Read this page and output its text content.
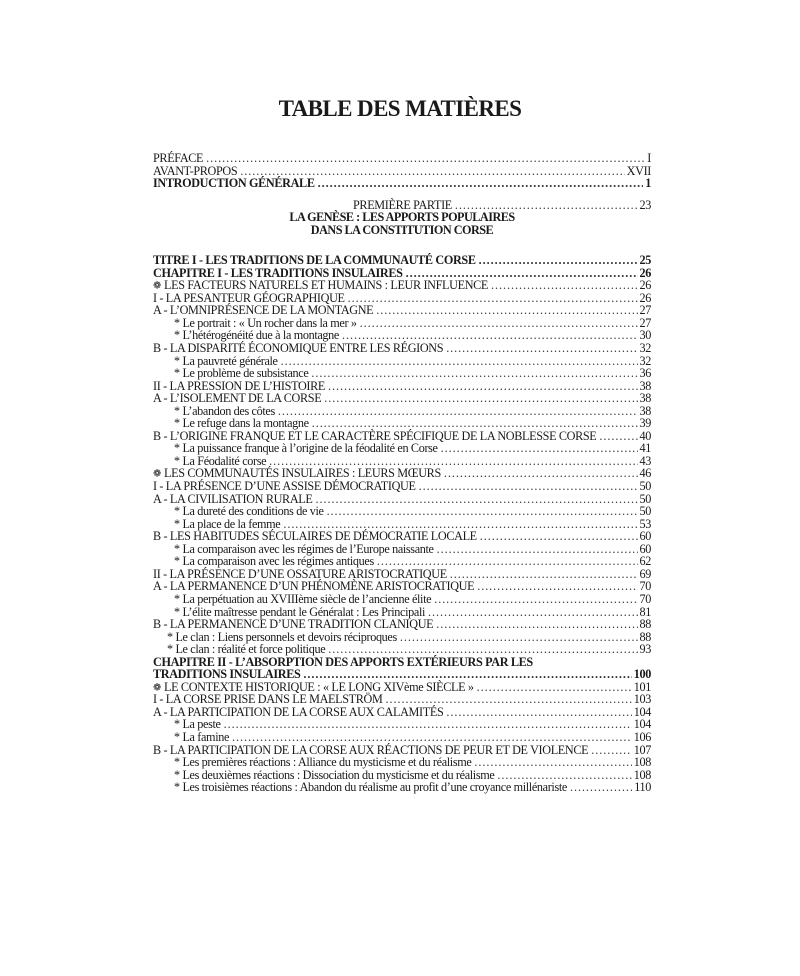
TABLE DES MATIÈRES
PRÉFACE . . .	I
AVANT-PROPOS . . .	XVII
INTRODUCTION GÉNÉRALE . . .	1
PREMIÈRE PARTIE . . .	23
LA GENÈSE : LES APPORTS POPULAIRES
DANS LA CONSTITUTION CORSE
TITRE I - LES TRADITIONS DE LA COMMUNAUTÉ CORSE . . .	25
CHAPITRE I - LES TRADITIONS INSULAIRES . . .	26
❁ LES FACTEURS NATURELS ET HUMAINS : LEUR INFLUENCE . . .	26
I - LA PESANTEUR GÉOGRAPHIQUE . . .	26
A - L’OMNIPRÉSENCE DE LA MONTAGNE . . .	27
* Le portrait : « Un rocher dans la mer » . . .	27
* L’hétérogénéité due à la montagne . . .	30
B - LA DISPARITÉ ÉCONOMIQUE ENTRE LES RÉGIONS . . .	32
* La pauvreté générale . . .	32
* Le problème de subsistance . . .	36
II - LA PRESSION DE L’HISTOIRE . . .	38
A - L’ISOLEMENT DE LA CORSE . . .	38
* L’abandon des côtes . . .	38
* Le refuge dans la montagne . . .	39
B - L’ORIGINE FRANQUE ET LE CARACTÈRE SPÉCIFIQUE DE LA NOBLESSE CORSE . . .	40
* La puissance franque à l’origine de la féodalité en Corse . . .	41
* La Féodalité corse . . .	43
❁ LES COMMUNAUTÉS INSULAIRES : LEURS MŒURS . . .	46
I - LA PRÉSENCE D’UNE ASSISE DÉMOCRATIQUE . . .	50
A - LA CIVILISATION RURALE . . .	50
* La dureté des conditions de vie . . .	50
* La place de la femme . . .	53
B - LES HABITUDES SÉCULAIRES DE DÉMOCRATIE LOCALE . . .	60
* La comparaison avec les régimes de l’Europe naissante . . .	60
* La comparaison avec les régimes antiques . . .	62
II - LA PRÉSENCE D’UNE OSSATURE ARISTOCRATIQUE . . .	69
A - LA PERMANENCE D’UN PHÉNOMÈNE ARISTOCRATIQUE . . .	70
* La perpétuation au XVIIIème siècle de l’ancienne élite . . .	70
* L’élite maîtresse pendant le Généralat : Les Principali . . .	81
B - LA PERMANENCE D’UNE TRADITION CLANIQUE . . .	88
* Le clan : Liens personnels et devoirs réciproques . . .	88
* Le clan : réalité et force politique . . .	93
CHAPITRE II - L’ABSORPTION DES APPORTS EXTÉRIEURS PAR LES
TRADITIONS INSULAIRES . . .	100
❁ LE CONTEXTE HISTORIQUE : « LE LONG XIVème SIÈCLE » . . .	101
I - LA CORSE PRISE DANS LE MAELSTRÖM . . .	103
A - LA PARTICIPATION DE LA CORSE AUX CALAMITÉS . . .	104
* La peste . . .	104
* La famine . . .	106
B - LA PARTICIPATION DE LA CORSE AUX RÉACTIONS DE PEUR ET DE VIOLENCE . . .	107
* Les premières réactions : Alliance du mysticisme et du réalisme . . .	108
* Les deuxièmes réactions : Dissociation du mysticisme et du réalisme . . .	108
* Les troisièmes réactions : Abandon du réalisme au profit d’une croyance millénariste . . .	110
